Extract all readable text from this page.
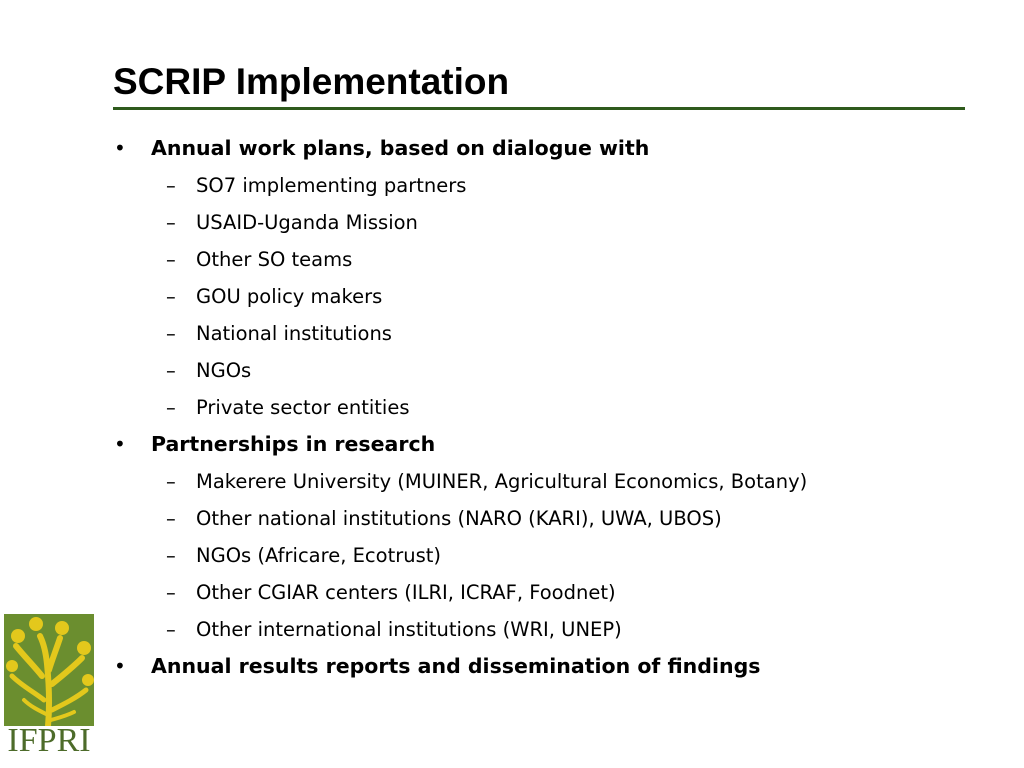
SCRIP Implementation
• Annual work plans, based on dialogue with
– SO7 implementing partners
– USAID-Uganda Mission
– Other SO teams
– GOU policy makers
– National institutions
– NGOs
– Private sector entities
• Partnerships in research
– Makerere University (MUINER, Agricultural Economics, Botany)
– Other national institutions (NARO (KARI), UWA, UBOS)
– NGOs (Africare, Ecotrust)
– Other CGIAR centers (ILRI, ICRAF, Foodnet)
– Other international institutions (WRI, UNEP)
• Annual results reports and dissemination of findings
IFPRI
